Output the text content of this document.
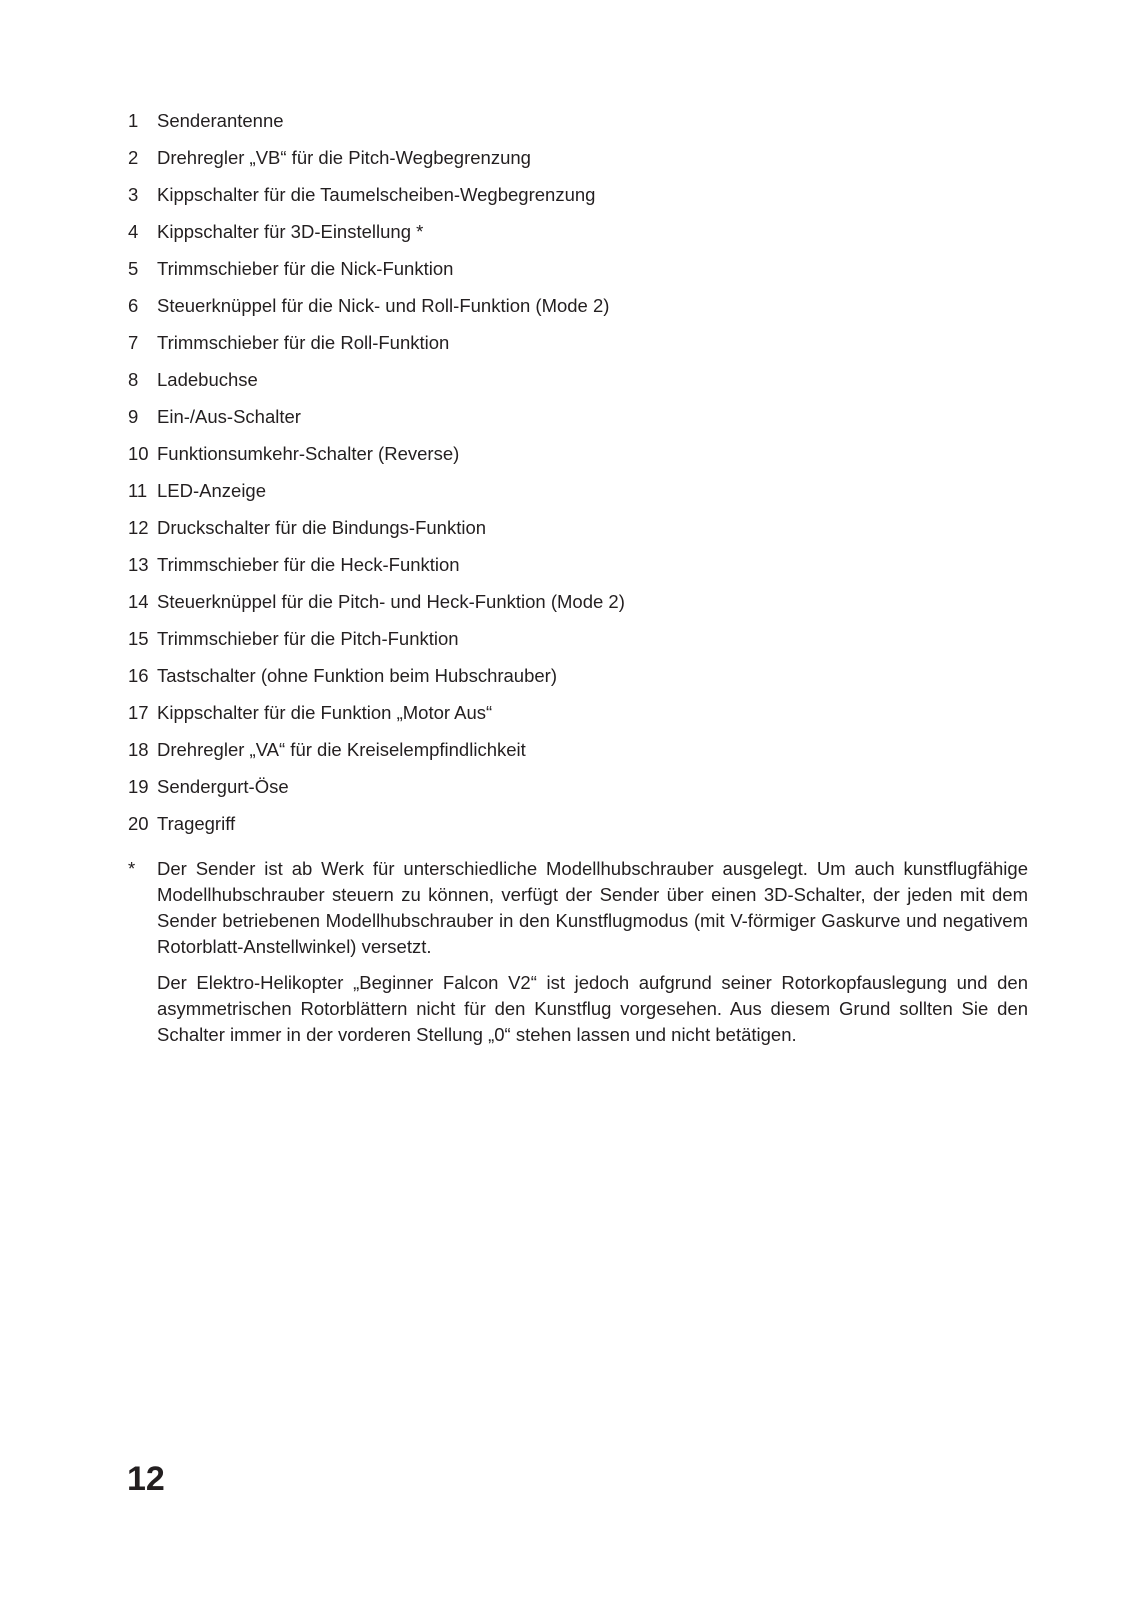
1 Senderantenne
2 Drehregler „VB“ für die Pitch-Wegbegrenzung
3 Kippschalter für die Taumelscheiben-Wegbegrenzung
4 Kippschalter für 3D-Einstellung *
5 Trimmschieber für die Nick-Funktion
6 Steuerknüppel für die Nick- und Roll-Funktion (Mode 2)
7 Trimmschieber für die Roll-Funktion
8 Ladebuchse
9 Ein-/Aus-Schalter
10 Funktionsumkehr-Schalter (Reverse)
11 LED-Anzeige
12 Druckschalter für die Bindungs-Funktion
13 Trimmschieber für die Heck-Funktion
14 Steuerknüppel für die Pitch- und Heck-Funktion (Mode 2)
15 Trimmschieber für die Pitch-Funktion
16 Tastschalter (ohne Funktion beim Hubschrauber)
17 Kippschalter für die Funktion „Motor Aus“
18 Drehregler „VA“ für die Kreiselempfindlichkeit
19 Sendergurt-Öse
20 Tragegriff
* Der Sender ist ab Werk für unterschiedliche Modellhubschrauber ausgelegt. Um auch kunstflugfähige Modellhubschrauber steuern zu können, verfügt der Sender über einen 3D-Schalter, der jeden mit dem Sender betriebenen Modellhubschrauber in den Kunstflugmodus (mit V-förmiger Gaskurve und negativem Rotorblatt-Anstellwinkel) versetzt.

Der Elektro-Helikopter „Beginner Falcon V2“ ist jedoch aufgrund seiner Rotorkopfauslegung und den asymmetrischen Rotorblättern nicht für den Kunstflug vorgesehen. Aus diesem Grund sollten Sie den Schalter immer in der vorderen Stellung „0“ stehen lassen und nicht betätigen.

12
